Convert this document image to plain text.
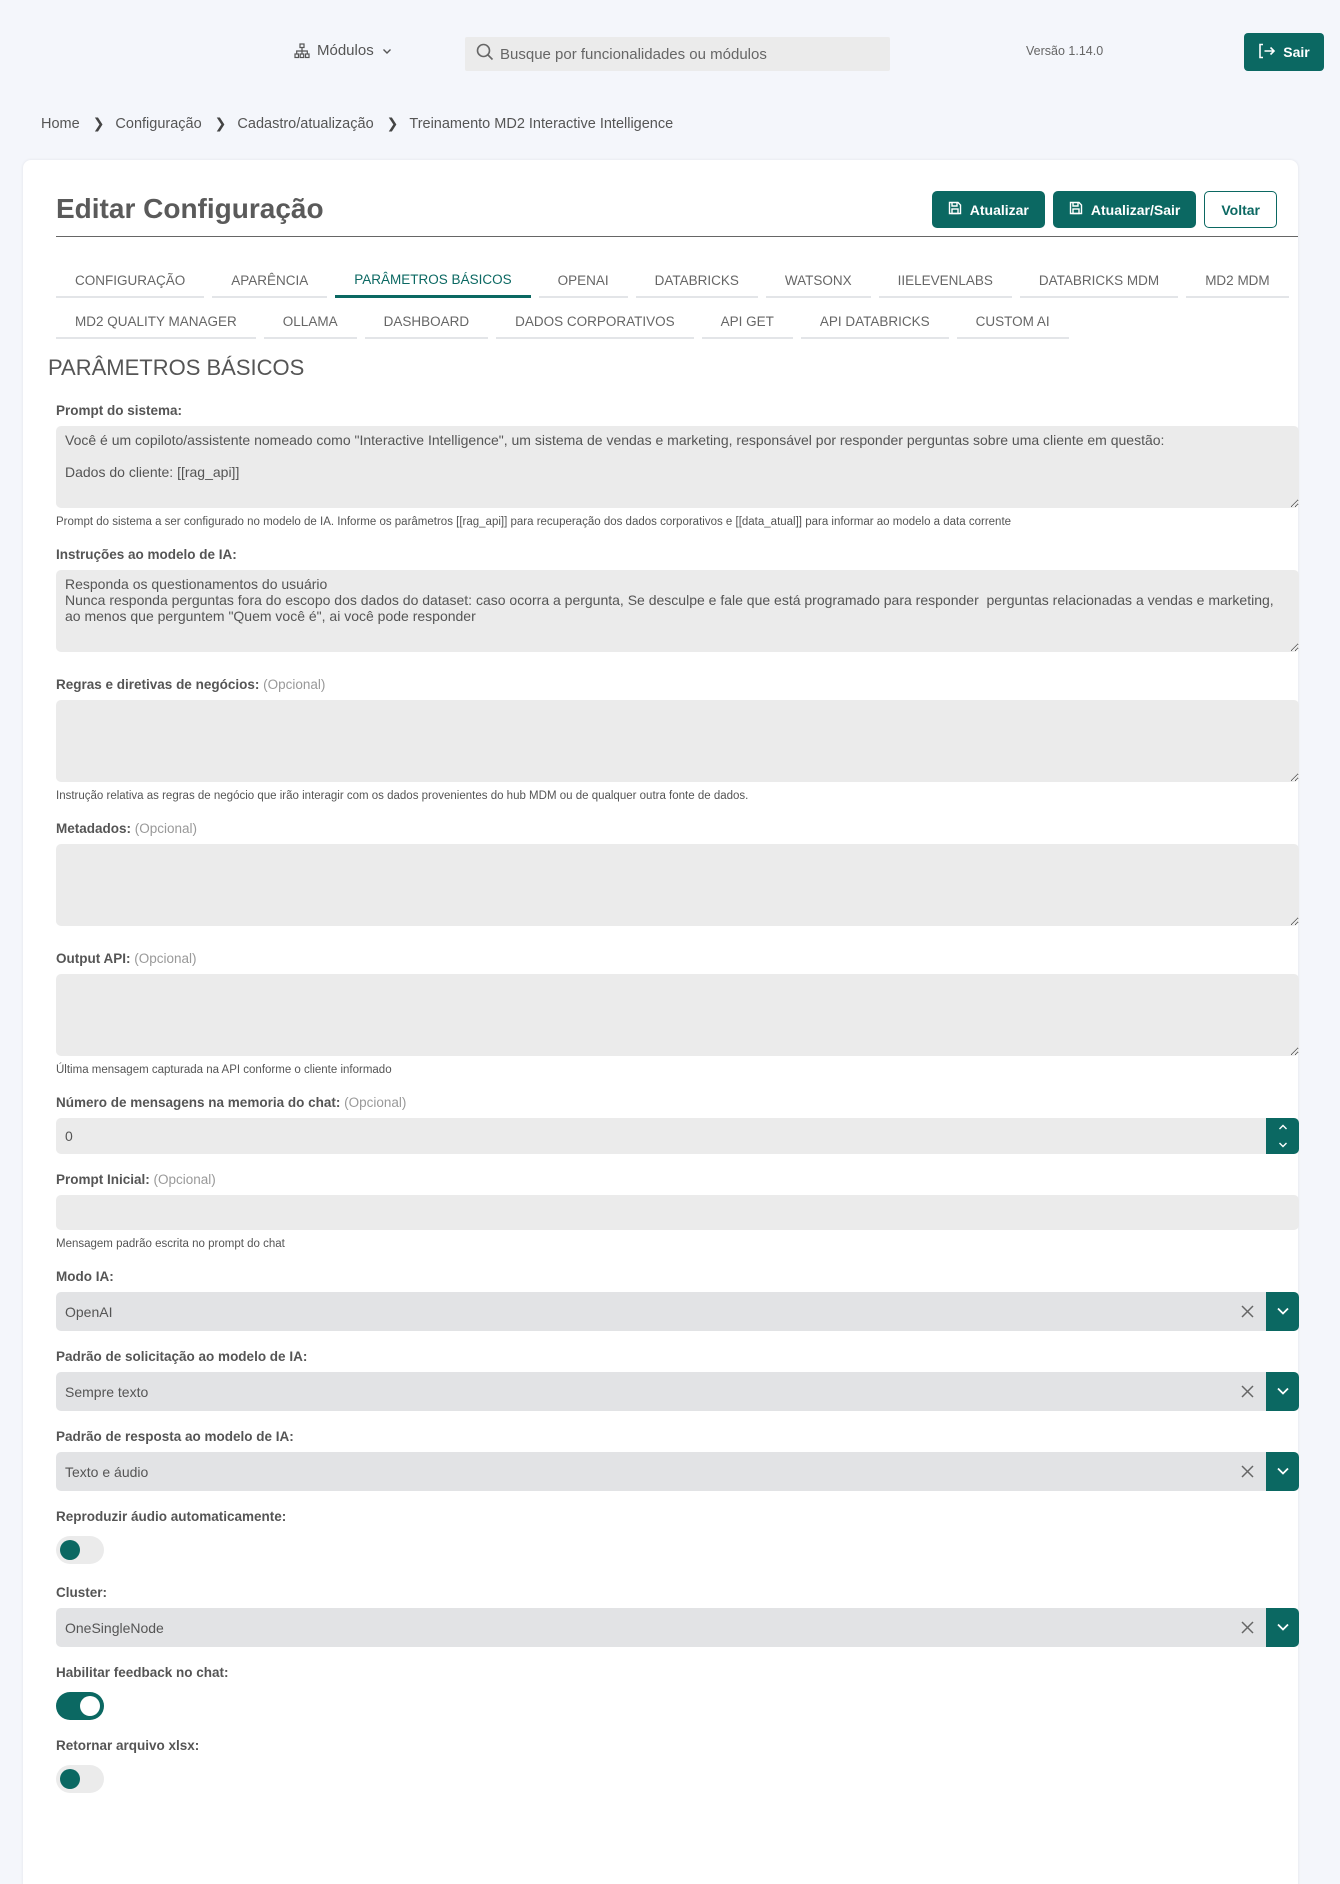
Módulos
Busque por funcionalidades ou módulos	Versão 1.14.0	Sair
Home ❯ Configuração ❯ Cadastro/atualização ❯ Treinamento MD2 Interactive Intelligence
Editar Configuração	Atualizar	Atualizar/Sair	Voltar
CONFIGURAÇÃO	APARÊNCIA	PARÂMETROS BÁSICOS	OPENAI	DATABRICKS	WATSONX	IIELEVENLABS	DATABRICKS MDM	MD2 MDM
MD2 QUALITY MANAGER	OLLAMA	DASHBOARD	DADOS CORPORATIVOS	API GET	API DATABRICKS	CUSTOM AI
PARÂMETROS BÁSICOS
Prompt do sistema:
Você é um copiloto/assistente nomeado como "Interactive Intelligence", um sistema de vendas e marketing, responsável por responder perguntas sobre uma cliente em questão: Dados do cliente: [[rag_api]]
Prompt do sistema a ser configurado no modelo de IA. Informe os parâmetros [[rag_api]] para recuperação dos dados corporativos e [[data_atual]] para informar ao modelo a data corrente
Instruções ao modelo de IA:
Responda os questionamentos do usuário Nunca responda perguntas fora do escopo dos dados do dataset: caso ocorra a pergunta, Se desculpe e fale que está programado para responder perguntas relacionadas a vendas e marketing, ao menos que perguntem "Quem você é", ai você pode responder
Regras e diretivas de negócios: (Opcional)
Instrução relativa as regras de negócio que irão interagir com os dados provenientes do hub MDM ou de qualquer outra fonte de dados.
Metadados: (Opcional)
Output API: (Opcional)
Última mensagem capturada na API conforme o cliente informado
Número de mensagens na memoria do chat: (Opcional)
0
Prompt Inicial: (Opcional)
Mensagem padrão escrita no prompt do chat
Modo IA:
OpenAI
Padrão de solicitação ao modelo de IA:
Sempre texto
Padrão de resposta ao modelo de IA:
Texto e áudio
Reproduzir áudio automaticamente:
Cluster:
OneSingleNode
Habilitar feedback no chat:
Retornar arquivo xlsx:
